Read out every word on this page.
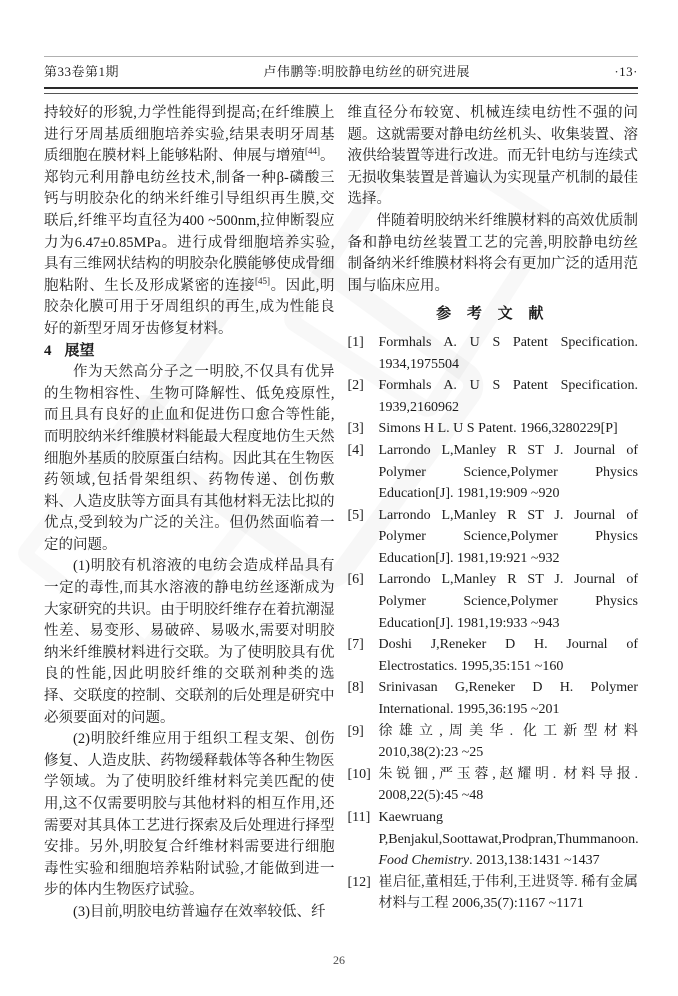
第33卷第1期	卢伟鹏等:明胶静电纺丝的研究进展	·13·

持较好的形貌,力学性能得到提高;在纤维膜上进行牙周基质细胞培养实验,结果表明牙周基质细胞在膜材料上能够粘附、伸展与增殖[44]。郑钧元利用静电纺丝技术,制备一种β-磷酸三钙与明胶杂化的纳米纤维引导组织再生膜,交联后,纤维平均直径为400 ~500nm,拉伸断裂应力为6.47±0.85MPa。进行成骨细胞培养实验,具有三维网状结构的明胶杂化膜能够使成骨细胞粘附、生长及形成紧密的连接[45]。因此,明胶杂化膜可用于牙周组织的再生,成为性能良好的新型牙周牙齿修复材料。

4 展望

作为天然高分子之一明胶,不仅具有优异的生物相容性、生物可降解性、低免疫原性,而且具有良好的止血和促进伤口愈合等性能,而明胶纳米纤维膜材料能最大程度地仿生天然细胞外基质的胶原蛋白结构。因此其在生物医药领域,包括骨架组织、药物传递、创伤敷料、人造皮肤等方面具有其他材料无法比拟的优点,受到较为广泛的关注。但仍然面临着一定的问题。

(1)明胶有机溶液的电纺会造成样品具有一定的毒性,而其水溶液的静电纺丝逐渐成为大家研究的共识。由于明胶纤维存在着抗潮湿性差、易变形、易破碎、易吸水,需要对明胶纳米纤维膜材料进行交联。为了使明胶具有优良的性能,因此明胶纤维的交联剂种类的选择、交联度的控制、交联剂的后处理是研究中必须要面对的问题。

(2)明胶纤维应用于组织工程支架、创伤修复、人造皮肤、药物缓释载体等各种生物医学领域。为了使明胶纤维材料完美匹配的使用,这不仅需要明胶与其他材料的相互作用,还需要对其具体工艺进行探索及后处理进行择型安排。另外,明胶复合纤维材料需要进行细胞毒性实验和细胞培养粘附试验,才能做到进一步的体内生物医疗试验。

(3)目前,明胶电纺普遍存在效率较低、纤

维直径分布较宽、机械连续电纺性不强的问题。这就需要对静电纺丝机头、收集装置、溶液供给装置等进行改进。而无针电纺与连续式无损收集装置是普遍认为实现量产机制的最佳选择。

伴随着明胶纳米纤维膜材料的高效优质制备和静电纺丝装置工艺的完善,明胶静电纺丝制备纳米纤维膜材料将会有更加广泛的适用范围与临床应用。

参 考 文 献
[1] Formhals A. U S Patent Specification. 1934,1975504
[2] Formhals A. U S Patent Specification. 1939,2160962
[3] Simons H L. U S Patent. 1966,3280229[P]
[4] Larrondo L,Manley R ST J. Journal of Polymer Science,Polymer Physics Education[J]. 1981,19:909 ~920
[5] Larrondo L,Manley R ST J. Journal of Polymer Science,Polymer Physics Education[J]. 1981,19:921 ~932
[6] Larrondo L,Manley R ST J. Journal of Polymer Science,Polymer Physics Education[J]. 1981,19:933 ~943
[7] Doshi J,Reneker D H. Journal of Electrostatics. 1995,35:151 ~160
[8] Srinivasan G,Reneker D H. Polymer International. 1995,36:195 ~201
[9] 徐雄立,周美华. 化工新型材料 2010,38(2):23 ~25
[10] 朱锐钿,严玉蓉,赵耀明. 材料导报. 2008,22(5):45 ~48
[11] Kaewruang P,Benjakul,Soottawat,Prodpran,Thummanoon. Food Chemistry. 2013,138:1431 ~1437
[12] 崔启征,董相廷,于伟利,王进贤等. 稀有金属材料与工程 2006,35(7):1167 ~1171
26
